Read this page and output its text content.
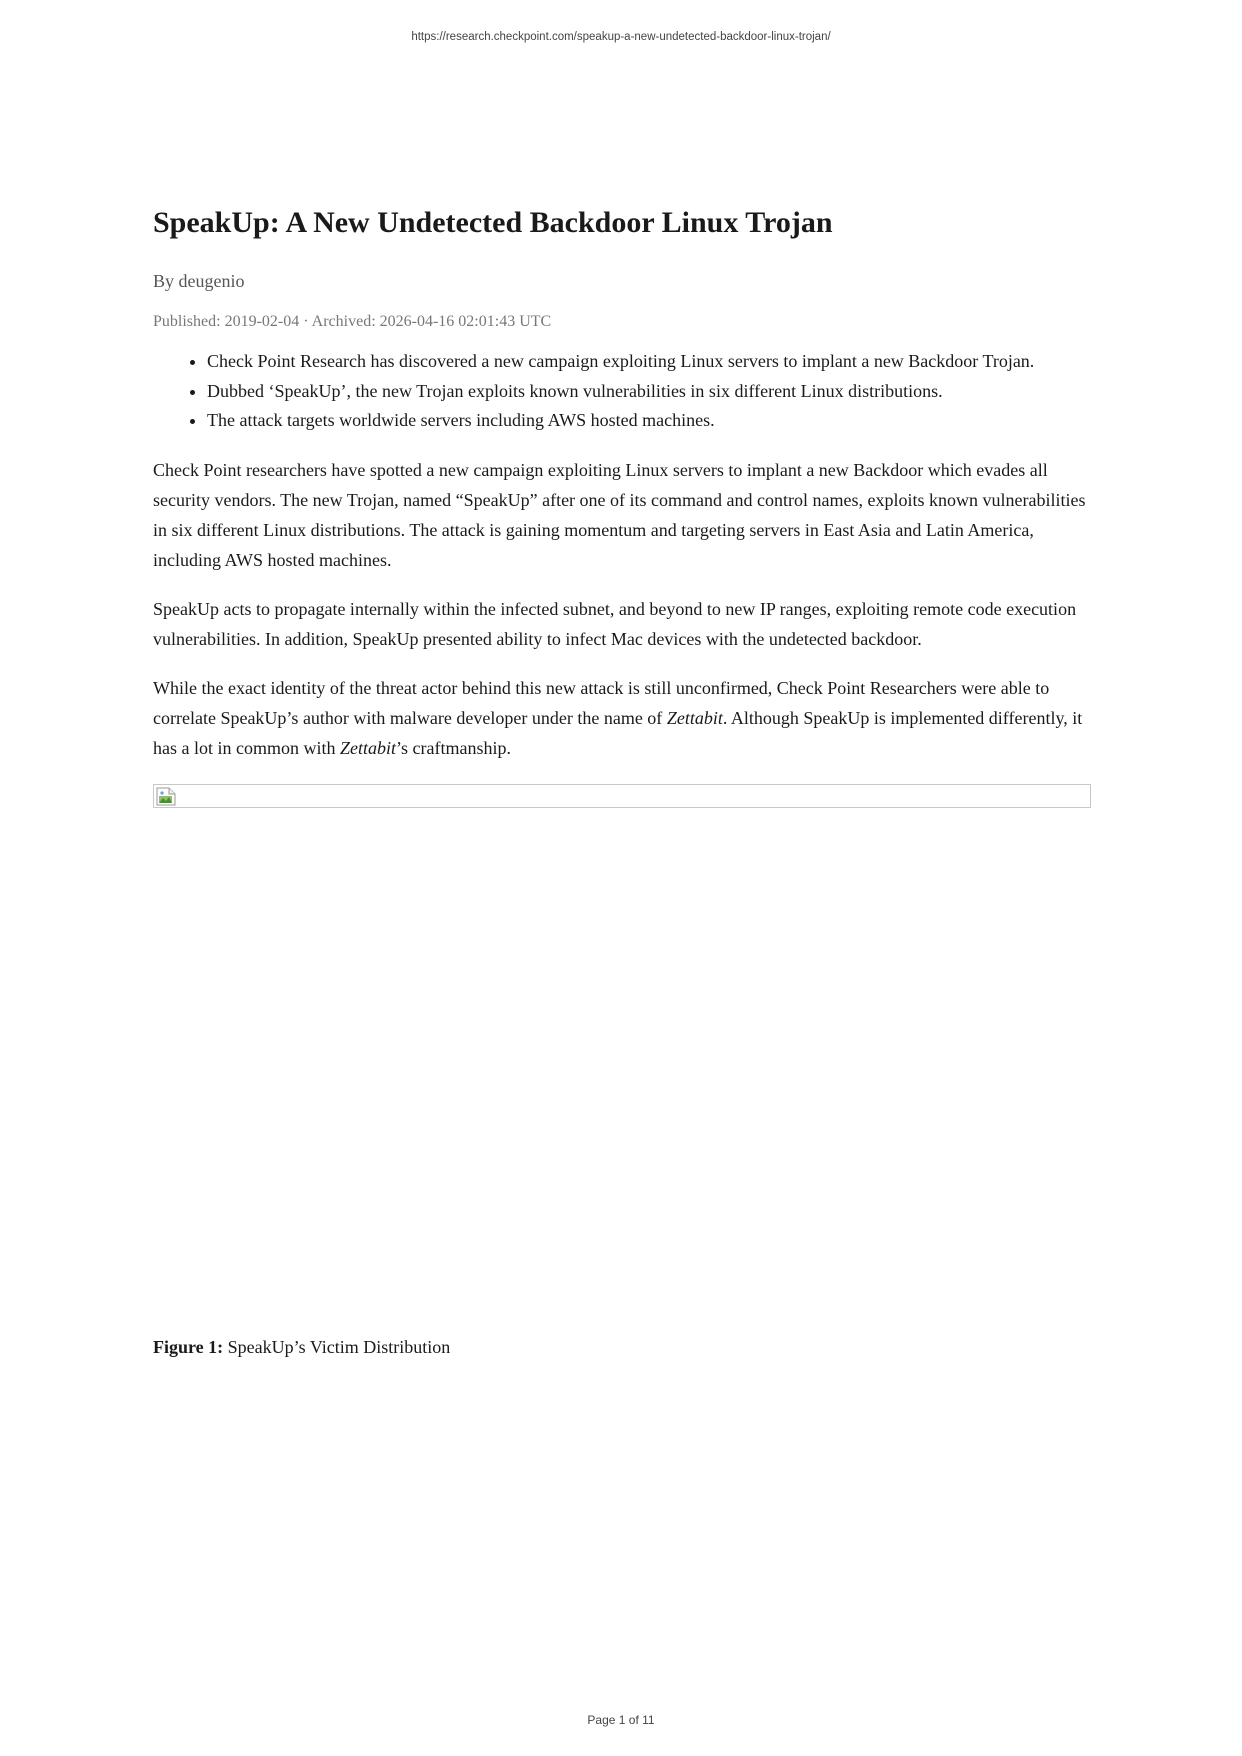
https://research.checkpoint.com/speakup-a-new-undetected-backdoor-linux-trojan/
SpeakUp: A New Undetected Backdoor Linux Trojan
By deugenio
Published: 2019-02-04 · Archived: 2026-04-16 02:01:43 UTC
• Check Point Research has discovered a new campaign exploiting Linux servers to implant a new Backdoor Trojan.
• Dubbed ‘SpeakUp’, the new Trojan exploits known vulnerabilities in six different Linux distributions.
• The attack targets worldwide servers including AWS hosted machines.

Check Point researchers have spotted a new campaign exploiting Linux servers to implant a new Backdoor which evades all security vendors. The new Trojan, named “SpeakUp” after one of its command and control names, exploits known vulnerabilities in six different Linux distributions. The attack is gaining momentum and targeting servers in East Asia and Latin America, including AWS hosted machines.

SpeakUp acts to propagate internally within the infected subnet, and beyond to new IP ranges, exploiting remote code execution vulnerabilities. In addition, SpeakUp presented ability to infect Mac devices with the undetected backdoor.

While the exact identity of the threat actor behind this new attack is still unconfirmed, Check Point Researchers were able to correlate SpeakUp’s author with malware developer under the name of Zettabit. Although SpeakUp is implemented differently, it has a lot in common with Zettabit’s craftmanship.

Figure 1: SpeakUp’s Victim Distribution
Page 1 of 11
